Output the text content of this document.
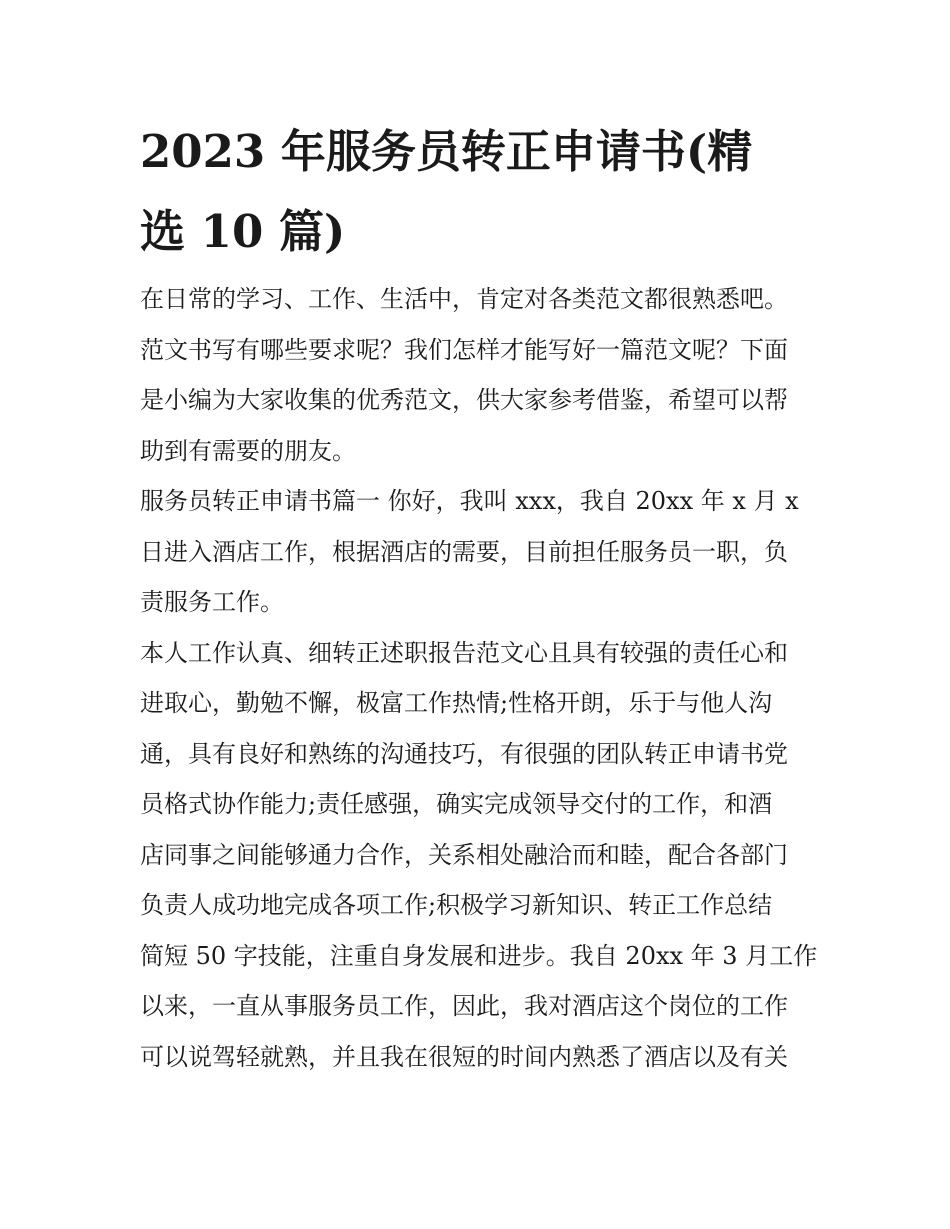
2023 年服务员转正申请书(精
选 10 篇)
在日常的学习、工作、生活中，肯定对各类范文都很熟悉吧。
范文书写有哪些要求呢？我们怎样才能写好一篇范文呢？下面
是小编为大家收集的优秀范文，供大家参考借鉴，希望可以帮
助到有需要的朋友。
服务员转正申请书篇一 你好，我叫 xxx，我自 20xx 年 x 月 x
日进入酒店工作，根据酒店的需要，目前担任服务员一职，负
责服务工作。
本人工作认真、细转正述职报告范文心且具有较强的责任心和
进取心，勤勉不懈，极富工作热情;性格开朗，乐于与他人沟
通，具有良好和熟练的沟通技巧，有很强的团队转正申请书党
员格式协作能力;责任感强，确实完成领导交付的工作，和酒
店同事之间能够通力合作，关系相处融洽而和睦，配合各部门
负责人成功地完成各项工作;积极学习新知识、转正工作总结
简短 50 字技能，注重自身发展和进步。我自 20xx 年 3 月工作
以来，一直从事服务员工作，因此，我对酒店这个岗位的工作
可以说驾轻就熟，并且我在很短的时间内熟悉了酒店以及有关
